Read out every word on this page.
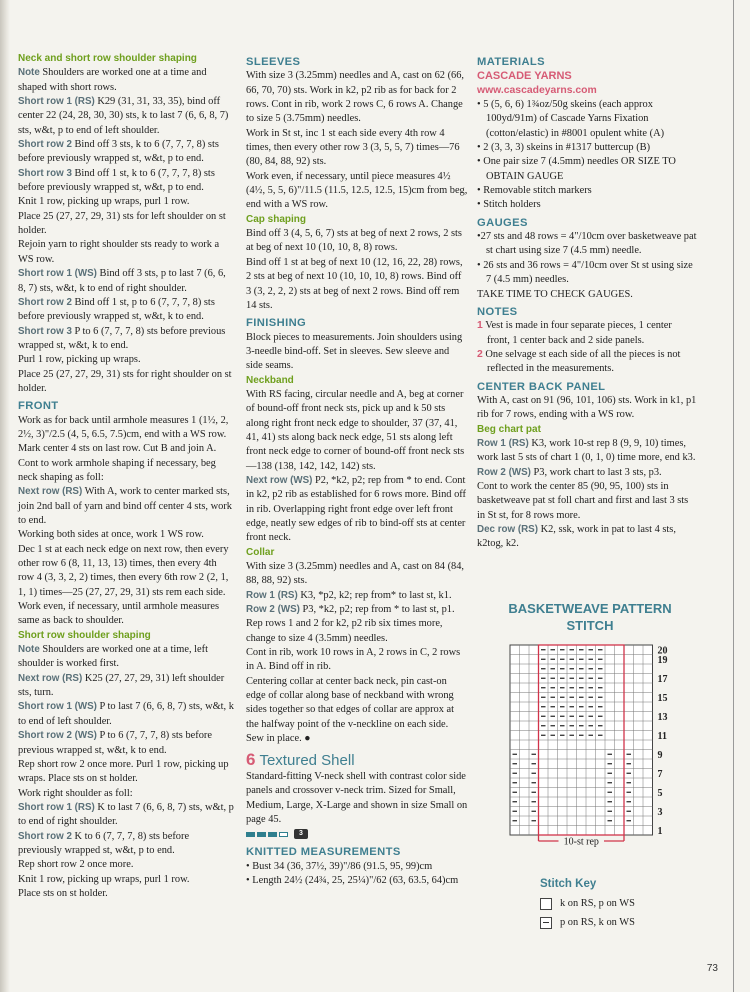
Neck and short row shoulder shaping

Note Shoulders are worked one at a time and shaped with short rows.

Short row 1 (RS) K29 (31, 31, 33, 35), bind off center 22 (24, 28, 30, 30) sts, k to last 7 (6, 6, 8, 7) sts, w&t, p to end of left shoulder.

Short row 2 Bind off 3 sts, k to 6 (7, 7, 7, 8) sts before previously wrapped st, w&t, p to end.

Short row 3 Bind off 1 st, k to 6 (7, 7, 7, 8) sts before previously wrapped st, w&t, p to end.

Knit 1 row, picking up wraps, purl 1 row.

Place 25 (27, 27, 29, 31) sts for left shoulder on st holder.

Rejoin yarn to right shoulder sts ready to work a WS row.

Short row 1 (WS) Bind off 3 sts, p to last 7 (6, 6, 8, 7) sts, w&t, k to end of right shoulder.

Short row 2 Bind off 1 st, p to 6 (7, 7, 7, 8) sts before previously wrapped st, w&t, k to end.

Short row 3 P to 6 (7, 7, 7, 8) sts before previous wrapped st, w&t, k to end.

Purl 1 row, picking up wraps.

Place 25 (27, 27, 29, 31) sts for right shoulder on st holder.

FRONT

Work as for back until armhole measures 1 (1½, 2, 2½, 3)"/2.5 (4, 5, 6.5, 7.5)cm, end with a WS row. Mark center 4 sts on last row. Cut B and join A. Cont to work armhole shaping if necessary, beg neck shaping as foll:

Next row (RS) With A, work to center marked sts, join 2nd ball of yarn and bind off center 4 sts, work to end.

Working both sides at once, work 1 WS row.

Dec 1 st at each neck edge on next row, then every other row 6 (8, 11, 13, 13) times, then every 4th row 4 (3, 3, 2, 2) times, then every 6th row 2 (2, 1, 1, 1) times—25 (27, 27, 29, 31) sts rem each side.

Work even, if necessary, until armhole measures same as back to shoulder.

Short row shoulder shaping

Note Shoulders are worked one at a time, left shoulder is worked first.

Next row (RS) K25 (27, 27, 29, 31) left shoulder sts, turn.

Short row 1 (WS) P to last 7 (6, 6, 8, 7) sts, w&t, k to end of left shoulder.

Short row 2 (WS) P to 6 (7, 7, 7, 8) sts before previous wrapped st, w&t, k to end.

Rep short row 2 once more. Purl 1 row, picking up wraps. Place sts on st holder.

Work right shoulder as foll:

Short row 1 (RS) K to last 7 (6, 6, 8, 7) sts, w&t, p to end of right shoulder.

Short row 2 K to 6 (7, 7, 7, 8) sts before previously wrapped st, w&t, p to end.

Rep short row 2 once more.

Knit 1 row, picking up wraps, purl 1 row.

Place sts on st holder.

SLEEVES

With size 3 (3.25mm) needles and A, cast on 62 (66, 66, 70, 70) sts. Work in k2, p2 rib as for back for 2 rows. Cont in rib, work 2 rows C, 6 rows A. Change to size 5 (3.75mm) needles.

Work in St st, inc 1 st each side every 4th row 4 times, then every other row 3 (3, 5, 5, 7) times—76 (80, 84, 88, 92) sts.

Work even, if necessary, until piece measures 4½ (4½, 5, 5, 6)"/11.5 (11.5, 12.5, 12.5, 15)cm from beg, end with a WS row.

Cap shaping

Bind off 3 (4, 5, 6, 7) sts at beg of next 2 rows, 2 sts at beg of next 10 (10, 10, 8, 8) rows.

Bind off 1 st at beg of next 10 (12, 16, 22, 28) rows, 2 sts at beg of next 10 (10, 10, 10, 8) rows. Bind off 3 (3, 2, 2, 2) sts at beg of next 2 rows. Bind off rem 14 sts.

FINISHING

Block pieces to measurements. Join shoulders using 3-needle bind-off. Set in sleeves. Sew sleeve and side seams.

Neckband

With RS facing, circular needle and A, beg at corner of bound-off front neck sts, pick up and k 50 sts along right front neck edge to shoulder, 37 (37, 41, 41, 41) sts along back neck edge, 51 sts along left front neck edge to corner of bound-off front neck sts—138 (138, 142, 142, 142) sts.

Next row (WS) P2, *k2, p2; rep from * to end. Cont in k2, p2 rib as established for 6 rows more. Bind off in rib. Overlapping right front edge over left front edge, neatly sew edges of rib to bind-off sts at center front neck.

Collar

With size 3 (3.25mm) needles and A, cast on 84 (84, 88, 88, 92) sts.

Row 1 (RS) K3, *p2, k2; rep from* to last st, k1.

Row 2 (WS) P3, *k2, p2; rep from * to last st, p1. Rep rows 1 and 2 for k2, p2 rib six times more, change to size 4 (3.5mm) needles.

Cont in rib, work 10 rows in A, 2 rows in C, 2 rows in A. Bind off in rib.

Centering collar at center back neck, pin cast-on edge of collar along base of neckband with wrong sides together so that edges of collar are approx at the halfway point of the v-neckline on each side. Sew in place. ●

6 Textured Shell

Standard-fitting V-neck shell with contrast color side panels and crossover v-neck trim. Sized for Small, Medium, Large, X-Large and shown in size Small on page 45.

3

KNITTED MEASUREMENTS

• Bust 34 (36, 37½, 39)"/86 (91.5, 95, 99)cm

• Length 24½ (24¾, 25, 25¼)"/62 (63, 63.5, 64)cm

MATERIALS

CASCADE YARNS

www.cascadeyarns.com

• 5 (5, 6, 6) 1¾oz/50g skeins (each approx 100yd/91m) of Cascade Yarns Fixation (cotton/elastic) in #8001 opulent white (A)

• 2 (3, 3, 3) skeins in #1317 buttercup (B)

• One pair size 7 (4.5mm) needles OR SIZE TO OBTAIN GAUGE

• Removable stitch markers

• Stitch holders

GAUGES

•27 sts and 48 rows = 4"/10cm over basketweave pat st chart using size 7 (4.5 mm) needle.

• 26 sts and 36 rows = 4"/10cm over St st using size 7 (4.5 mm) needles.

TAKE TIME TO CHECK GAUGES.

NOTES

1 Vest is made in four separate pieces, 1 center front, 1 center back and 2 side panels.

2 One selvage st each side of all the pieces is not reflected in the measurements.

CENTER BACK PANEL

With A, cast on 91 (96, 101, 106) sts. Work in k1, p1 rib for 7 rows, ending with a WS row.

Beg chart pat

Row 1 (RS) K3, work 10-st rep 8 (9, 9, 10) times, work last 5 sts of chart 1 (0, 1, 0) time more, end k3.

Row 2 (WS) P3, work chart to last 3 sts, p3.

Cont to work the center 85 (90, 95, 100) sts in basketweave pat st foll chart and first and last 3 sts in St st, for 8 rows more.

Dec row (RS) K2, ssk, work in pat to last 4 sts, k2tog, k2.

BASKETWEAVE PATTERN STITCH
10-st rep
1
3
5
7
9
11
13
15
17
19
20
Stitch Key
k on RS, p on WS
p on RS, k on WS
73
